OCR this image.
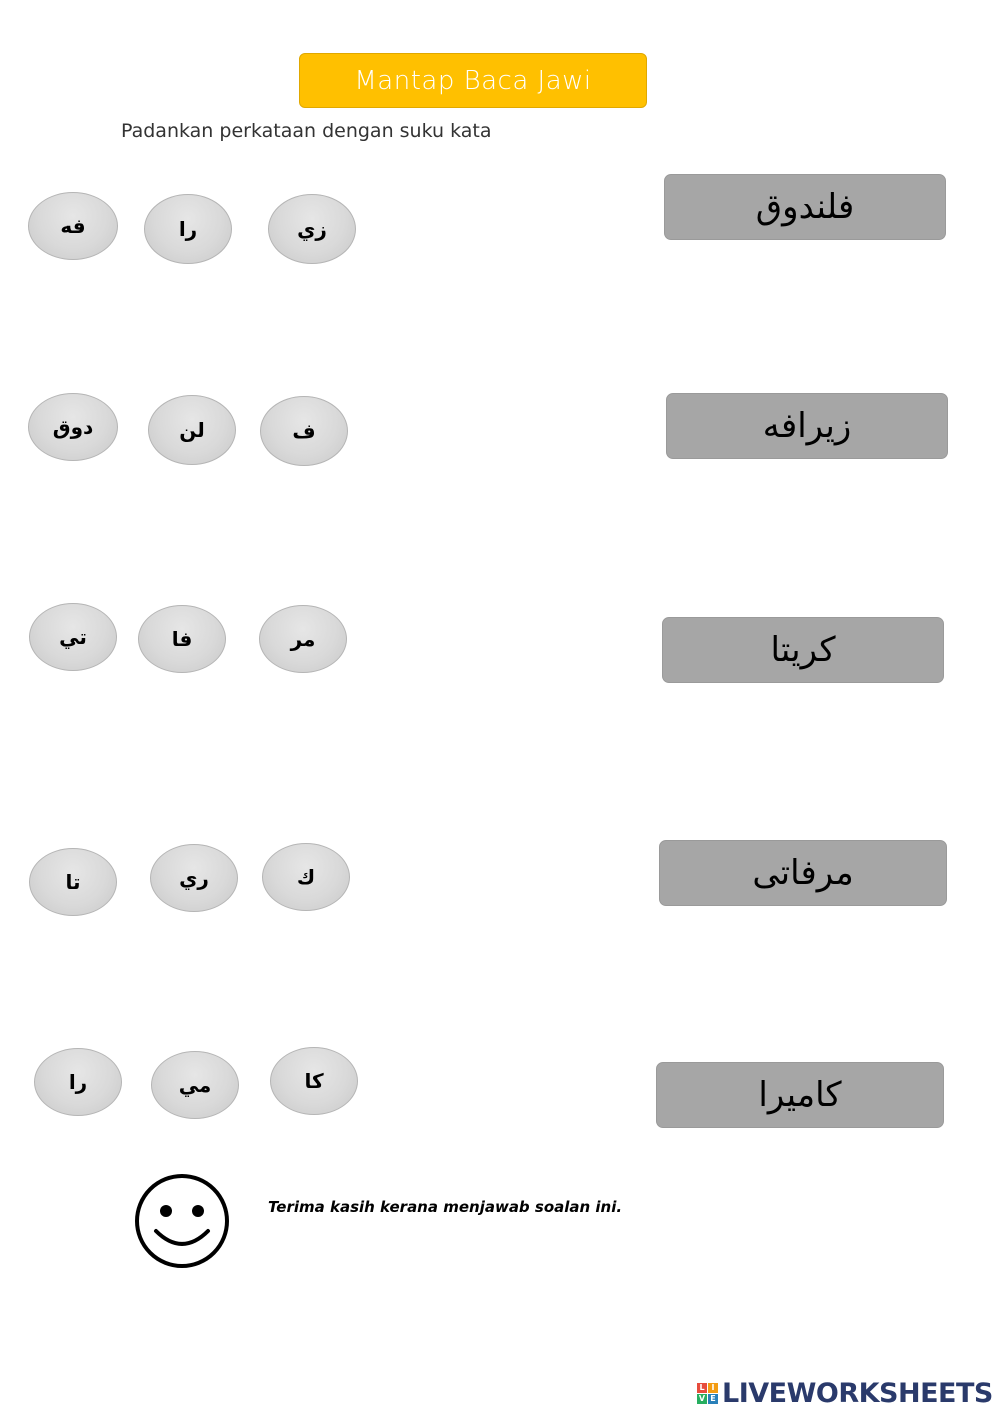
Mantap Baca Jawi
Padankan perkataan dengan suku kata
فه	را	زي
فلندوق
دوق	لن	ف	زيرافه
تي	فا	مر	كريتا
تا	ري	ك	مرفاتى
را	مي	كا	كاميرا
Terima kasih kerana menjawab soalan ini.
L I
V E LIVEWORKSHEETS
